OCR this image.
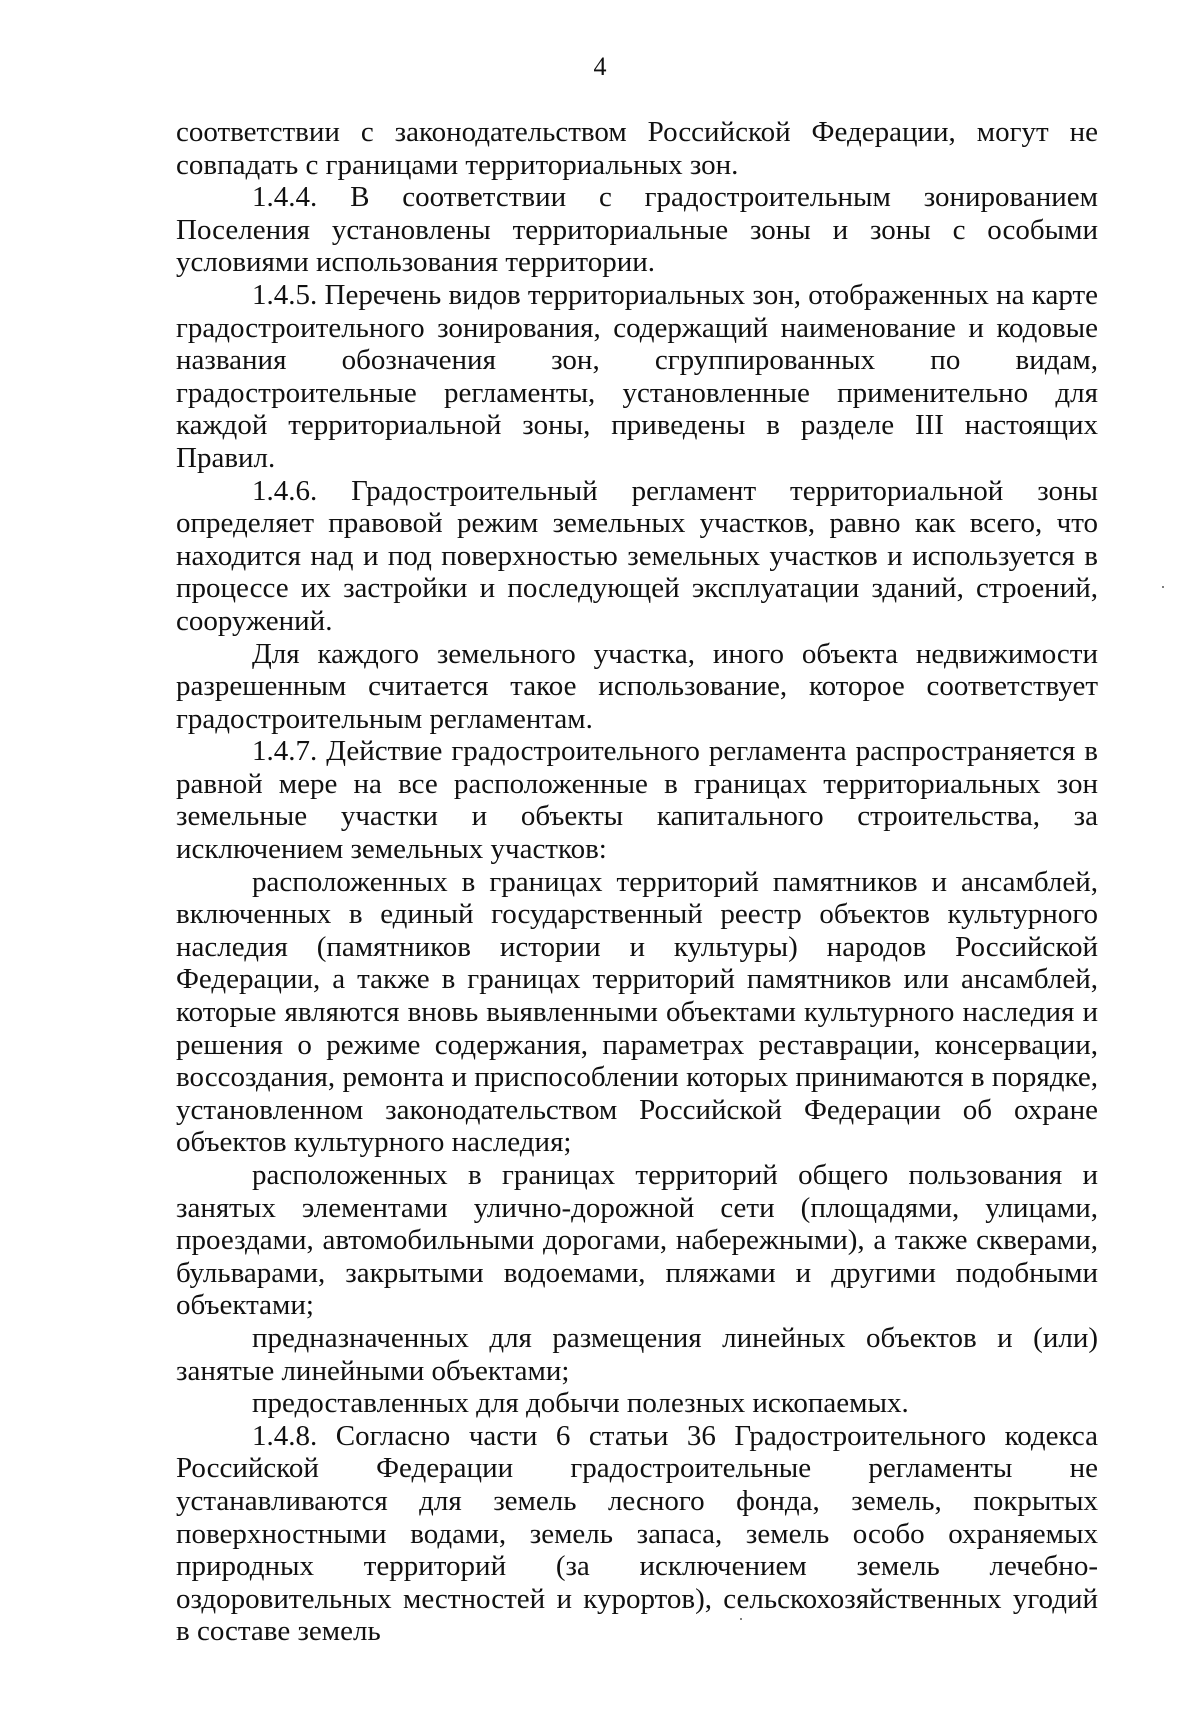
4

соответствии с законодательством Российской Федерации, могут не совпадать с границами территориальных зон.

1.4.4. В соответствии с градостроительным зонированием Поселения установлены территориальные зоны и зоны с особыми условиями использования территории.

1.4.5. Перечень видов территориальных зон, отображенных на карте градостроительного зонирования, содержащий наименование и кодовые названия обозначения зон, сгруппированных по видам, градостроительные регламенты, установленные применительно для каждой территориальной зоны, приведены в разделе III настоящих Правил.

1.4.6. Градостроительный регламент территориальной зоны определяет правовой режим земельных участков, равно как всего, что находится над и под поверхностью земельных участков и используется в процессе их застройки и последующей эксплуатации зданий, строений, сооружений.

Для каждого земельного участка, иного объекта недвижимости разрешенным считается такое использование, которое соответствует градостроительным регламентам.

1.4.7. Действие градостроительного регламента распространяется в равной мере на все расположенные в границах территориальных зон земельные участки и объекты капитального строительства, за исключением земельных участков:

расположенных в границах территорий памятников и ансамблей, включенных в единый государственный реестр объектов культурного наследия (памятников истории и культуры) народов Российской Федерации, а также в границах территорий памятников или ансамблей, которые являются вновь выявленными объектами культурного наследия и решения о режиме содержания, параметрах реставрации, консервации, воссоздания, ремонта и приспособлении которых принимаются в порядке, установленном законодательством Российской Федерации об охране объектов культурного наследия;

расположенных в границах территорий общего пользования и занятых элементами улично-дорожной сети (площадями, улицами, проездами, автомобильными дорогами, набережными), а также скверами, бульварами, закрытыми водоемами, пляжами и другими подобными объектами;

предназначенных для размещения линейных объектов и (или) занятые линейными объектами;

предоставленных для добычи полезных ископаемых.

1.4.8. Согласно части 6 статьи 36 Градостроительного кодекса Российской Федерации градостроительные регламенты не устанавливаются для земель лесного фонда, земель, покрытых поверхностными водами, земель запаса, земель особо охраняемых природных территорий (за исключением земель лечебно-оздоровительных местностей и курортов), сельскохозяйственных угодий в составе земель
